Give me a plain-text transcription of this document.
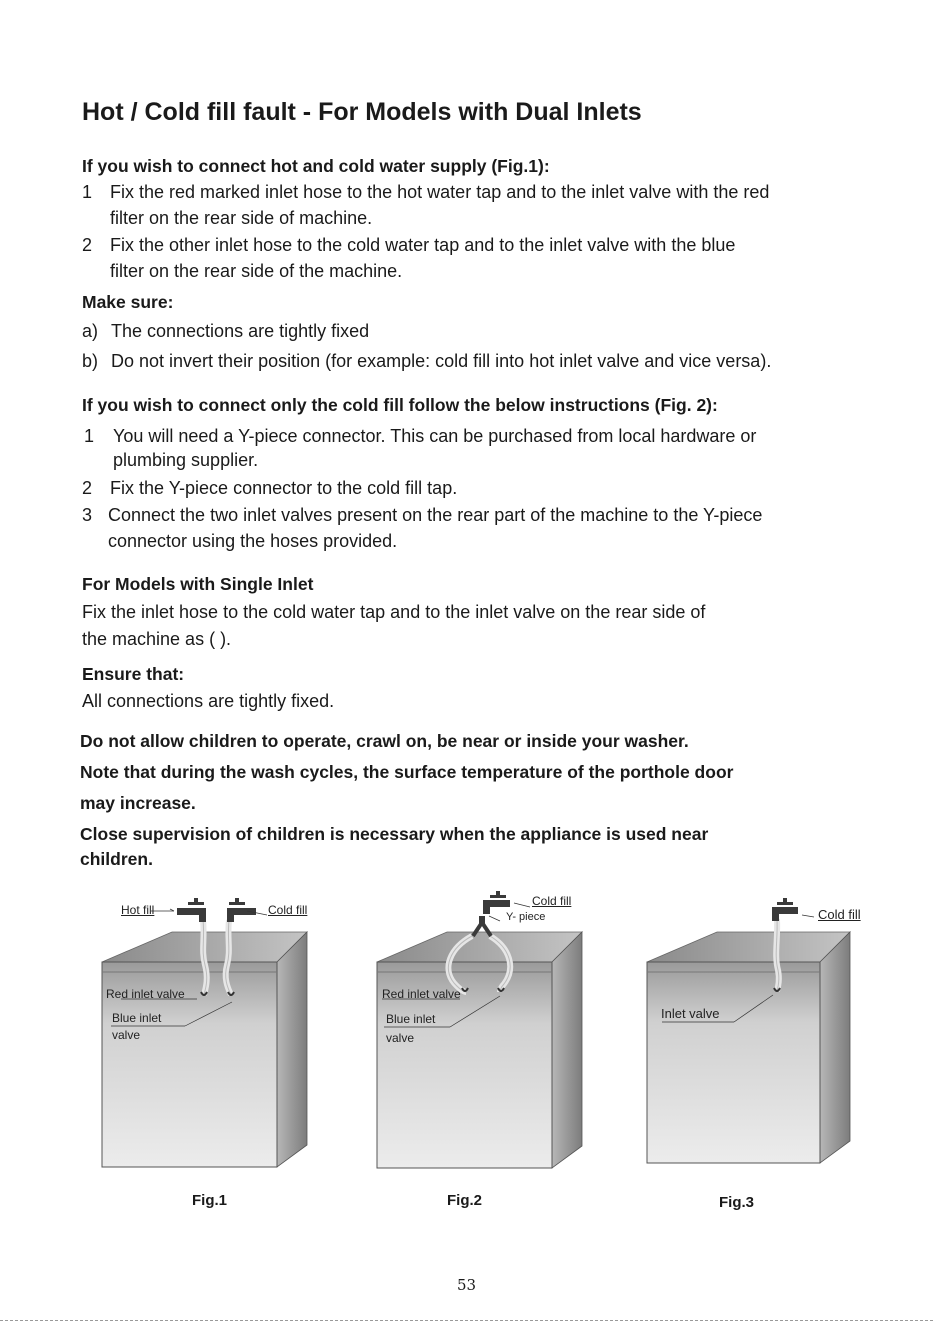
Hot / Cold fill fault - For Models with Dual Inlets
If you wish to connect hot and cold water supply (Fig.1):
1 Fix the red marked inlet hose to the hot water tap and to the inlet valve with the red
filter on the rear side of machine.
2 Fix the other inlet hose to the cold water tap and to the inlet valve with the blue
filter on the rear side of the machine.
Make sure:
a) The connections are tightly fixed
b) Do not invert their position (for example: cold fill into hot inlet valve and vice versa).
If you wish to connect only the cold fill follow the below instructions (Fig. 2):
1 You will need a Y-piece connector. This can be purchased from local hardware or
plumbing supplier.
2 Fix the Y-piece connector to the cold fill tap.
3 Connect the two inlet valves present on the rear part of the machine to the Y-piece
connector using the hoses provided.
For Models with Single Inlet
Fix the inlet hose to the cold water tap and to the inlet valve on the rear side of
the machine as ( ).
Ensure that:
All connections are tightly fixed.
Do not allow children to operate, crawl on, be near or inside your washer.
Note that during the wash cycles, the surface temperature of the porthole door
may increase.
Close supervision of children is necessary when the appliance is used near
children.
Hot fill	Cold fill
Red inlet valve
Blue inlet
valve
Fig.1
Cold fill
Y- piece
Red inlet valve
Blue inlet
valve
Fig.2
Cold fill
Inlet valve
Fig.3
53
